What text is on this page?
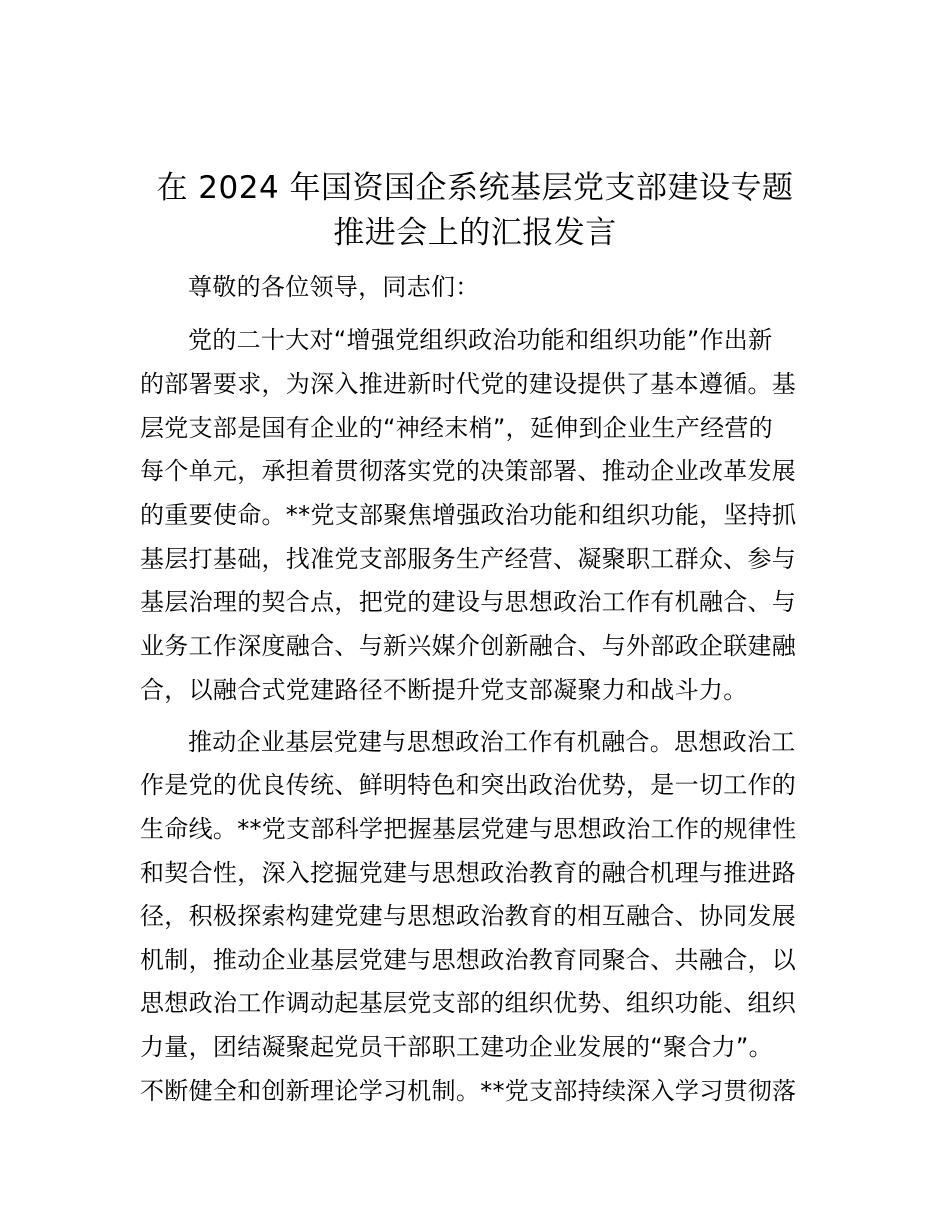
在 2024 年国资国企系统基层党支部建设专题
推进会上的汇报发言
尊敬的各位领导，同志们：
党的二十大对“增强党组织政治功能和组织功能”作出新
的部署要求，为深入推进新时代党的建设提供了基本遵循。基
层党支部是国有企业的“神经末梢”，延伸到企业生产经营的
每个单元，承担着贯彻落实党的决策部署、推动企业改革发展
的重要使命。**党支部聚焦增强政治功能和组织功能，坚持抓
基层打基础，找准党支部服务生产经营、凝聚职工群众、参与
基层治理的契合点，把党的建设与思想政治工作有机融合、与
业务工作深度融合、与新兴媒介创新融合、与外部政企联建融
合，以融合式党建路径不断提升党支部凝聚力和战斗力。
推动企业基层党建与思想政治工作有机融合。思想政治工
作是党的优良传统、鲜明特色和突出政治优势，是一切工作的
生命线。**党支部科学把握基层党建与思想政治工作的规律性
和契合性，深入挖掘党建与思想政治教育的融合机理与推进路
径，积极探索构建党建与思想政治教育的相互融合、协同发展
机制，推动企业基层党建与思想政治教育同聚合、共融合，以
思想政治工作调动起基层党支部的组织优势、组织功能、组织
力量，团结凝聚起党员干部职工建功企业发展的“聚合力”。
不断健全和创新理论学习机制。**党支部持续深入学习贯彻落
